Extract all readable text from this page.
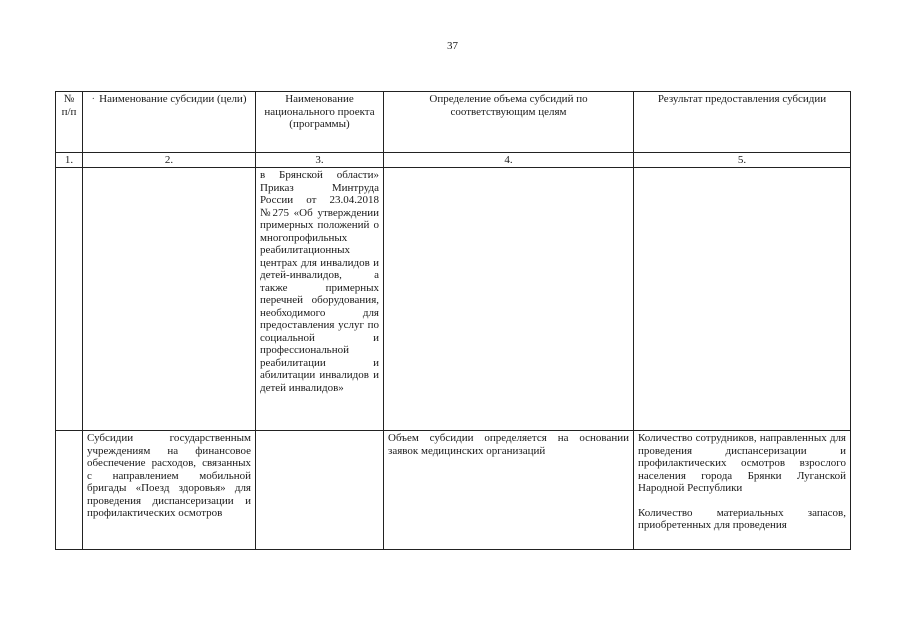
37
№ п/п	· Наименование субсидии (цели)	Наименование национального проекта (программы)	Определение объема субсидий по соответствующим целям	Результат предоставления субсидии
1.	2.	3.	4.	5.
		в Брянской области» Приказ Минтруда России от 23.04.2018 №275 «Об утверждении примерных положений о многопрофильных реабилитационных центрах для инвалидов и детей-инвалидов, а также примерных перечней оборудования, необходимого для предоставления услуг по социальной и профессиональной реабилитации и абилитации инвалидов и детей инвалидов»		
	Субсидии государственным учреждениям на финансовое обеспечение расходов, связанных с направлением мобильной бригады «Поезд здоровья» для проведения диспансеризации и профилактических осмотров		Объем субсидии определяется на основании заявок медицинских организаций	Количество сотрудников, направленных для проведения диспансеризации и профилактических осмотров взрослого населения города Брянки Луганской Народной Республики
Количество материальных запасов, приобретенных для проведения
